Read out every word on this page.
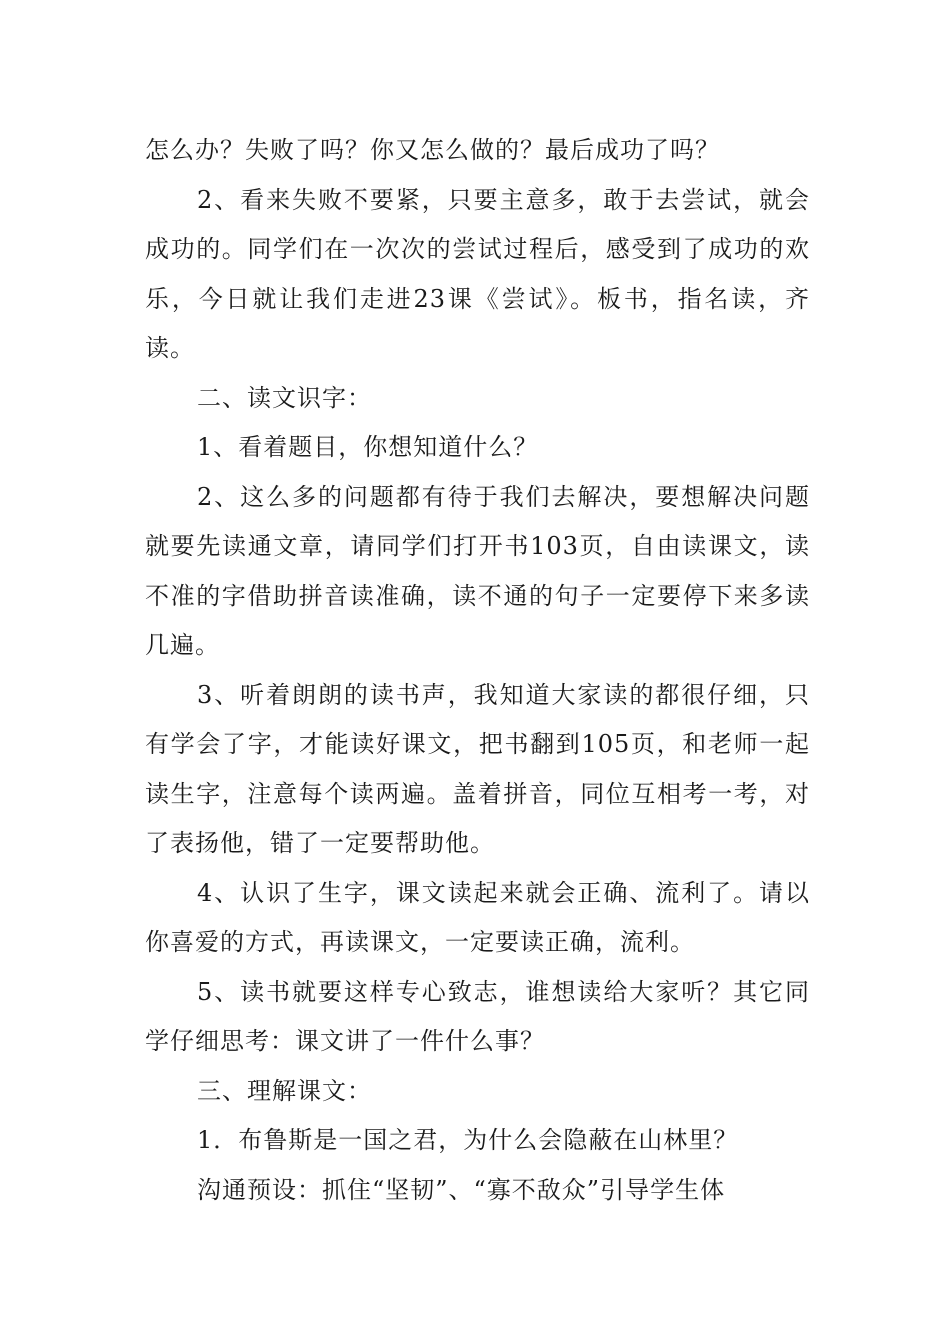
怎么办？失败了吗？你又怎么做的？最后成功了吗？

2、看来失败不要紧，只要主意多，敢于去尝试，就会成功的。同学们在一次次的尝试过程后，感受到了成功的欢乐，今日就让我们走进23课《尝试》。板书，指名读，齐读。

二、读文识字：

1、看着题目，你想知道什么？

2、这么多的问题都有待于我们去解决，要想解决问题就要先读通文章，请同学们打开书103页，自由读课文，读不准的字借助拼音读准确，读不通的句子一定要停下来多读几遍。

3、听着朗朗的读书声，我知道大家读的都很仔细，只有学会了字，才能读好课文，把书翻到105页，和老师一起读生字，注意每个读两遍。盖着拼音，同位互相考一考，对了表扬他，错了一定要帮助他。

4、认识了生字，课文读起来就会正确、流利了。请以你喜爱的方式，再读课文，一定要读正确，流利。

5、读书就要这样专心致志，谁想读给大家听？其它同学仔细思考：课文讲了一件什么事？

三、理解课文：

1．布鲁斯是一国之君，为什么会隐蔽在山林里？

沟通预设：抓住“坚韧”、“寡不敌众”引导学生体
